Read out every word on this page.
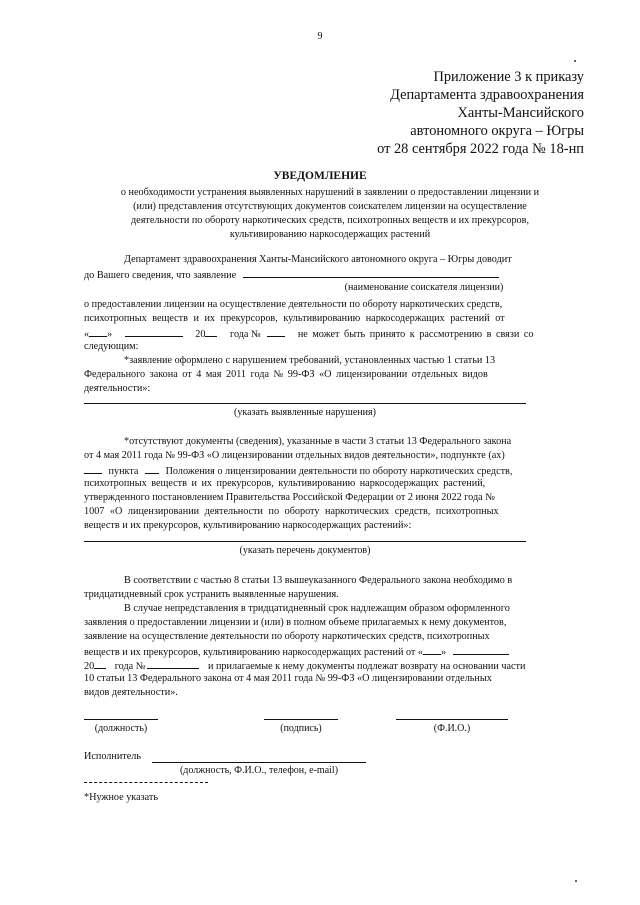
9
Приложение 3 к приказу
Департамента здравоохранения
Ханты-Мансийского
автономного округа – Югры
от 28 сентября 2022 года № 18-нп
УВЕДОМЛЕНИЕ
о необходимости устранения выявленных нарушений в заявлении о предоставлении лицензии и
(или) представления отсутствующих документов соискателем лицензии на осуществление
деятельности по обороту наркотических средств, психотропных веществ и их прекурсоров,
культивированию наркосодержащих растений
Департамент здравоохранения Ханты-Мансийского автономного округа – Югры доводит
до Вашего сведения, что заявление
(наименование соискателя лицензии)
о предоставлении лицензии на осуществление деятельности по обороту наркотических средств,
психотропных веществ и их прекурсоров, культивированию наркосодержащих растений от
« »	20 года №	не может быть принято к рассмотрению в связи со
следующим:
*заявление оформлено с нарушением требований, установленных частью 1 статьи 13
Федерального закона от 4 мая 2011 года № 99-ФЗ «О лицензировании отдельных видов
деятельности»:
(указать выявленные нарушения)
*отсутствуют документы (сведения), указанные в части 3 статьи 13 Федерального закона
от 4 мая 2011 года № 99-ФЗ «О лицензировании отдельных видов деятельности», подпункте (ах)
пункта	Положения о лицензировании деятельности по обороту наркотических средств,
психотропных веществ и их прекурсоров, культивированию наркосодержащих растений,
утвержденного постановлением Правительства Российской Федерации от 2 июня 2022 года №
1007 «О лицензировании деятельности по обороту наркотических средств, психотропных
веществ и их прекурсоров, культивированию наркосодержащих растений»:
(указать перечень документов)
В соответствии с частью 8 статьи 13 вышеуказанного Федерального закона необходимо в
тридцатидневный срок устранить выявленные нарушения.
В случае непредставления в тридцатидневный срок надлежащим образом оформленного
заявления о предоставлении лицензии и (или) в полном объеме прилагаемых к нему документов,
заявление на осуществление деятельности по обороту наркотических средств, психотропных
веществ и их прекурсоров, культивированию наркосодержащих растений от « »
20 года №	и прилагаемые к нему документы подлежат возврату на основании части
10 статьи 13 Федерального закона от 4 мая 2011 года № 99-ФЗ «О лицензировании отдельных
видов деятельности».
(должность)	(подпись)	(Ф.И.О.)
Исполнитель
(должность, Ф.И.О., телефон, e-mail)
*Нужное указать
